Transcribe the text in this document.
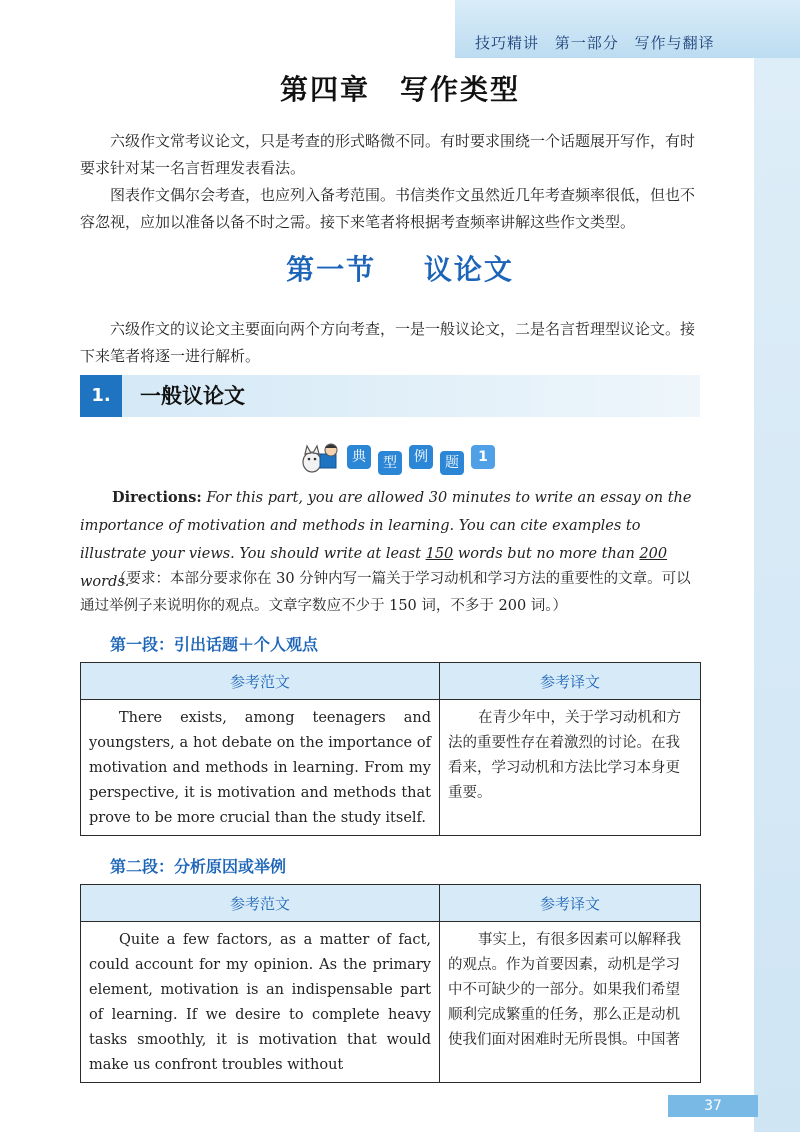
技巧精讲 第一部分 写作与翻译
第四章　写作类型

六级作文常考议论文，只是考查的形式略微不同。有时要求围绕一个话题展开写作，有时要求针对某一名言哲理发表看法。

图表作文偶尔会考查，也应列入备考范围。书信类作文虽然近几年考查频率很低，但也不容忽视，应加以准备以备不时之需。接下来笔者将根据考查频率讲解这些作文类型。

第一节 议论文

六级作文的议论文主要面向两个方向考查，一是一般议论文，二是名言哲理型议论文。接下来笔者将逐一进行解析。

1.	一般议论文
典	型	例	题	1

Directions: For this part, you are allowed 30 minutes to write an essay on the importance of motivation and methods in learning. You can cite examples to illustrate your views. You should write at least 150 words but no more than 200 words.

（要求：本部分要求你在 30 分钟内写一篇关于学习动机和学习方法的重要性的文章。可以通过举例子来说明你的观点。文章字数应不少于 150 词，不多于 200 词。）

第一段：引出话题＋个人观点
参考范文	参考译文
There exists, among teenagers and youngsters, a hot debate on the importance of motivation and methods in learning. From my perspective, it is motivation and methods that prove to be more crucial than the study itself.	在青少年中，关于学习动机和方法的重要性存在着激烈的讨论。在我看来，学习动机和方法比学习本身更重要。
第二段：分析原因或举例
参考范文	参考译文
Quite a few factors, as a matter of fact, could account for my opinion. As the primary element, motivation is an indispensable part of learning. If we desire to complete heavy tasks smoothly, it is motivation that would make us confront troubles without	事实上，有很多因素可以解释我的观点。作为首要因素，动机是学习中不可缺少的一部分。如果我们希望顺利完成繁重的任务，那么正是动机使我们面对困难时无所畏惧。中国著
37
